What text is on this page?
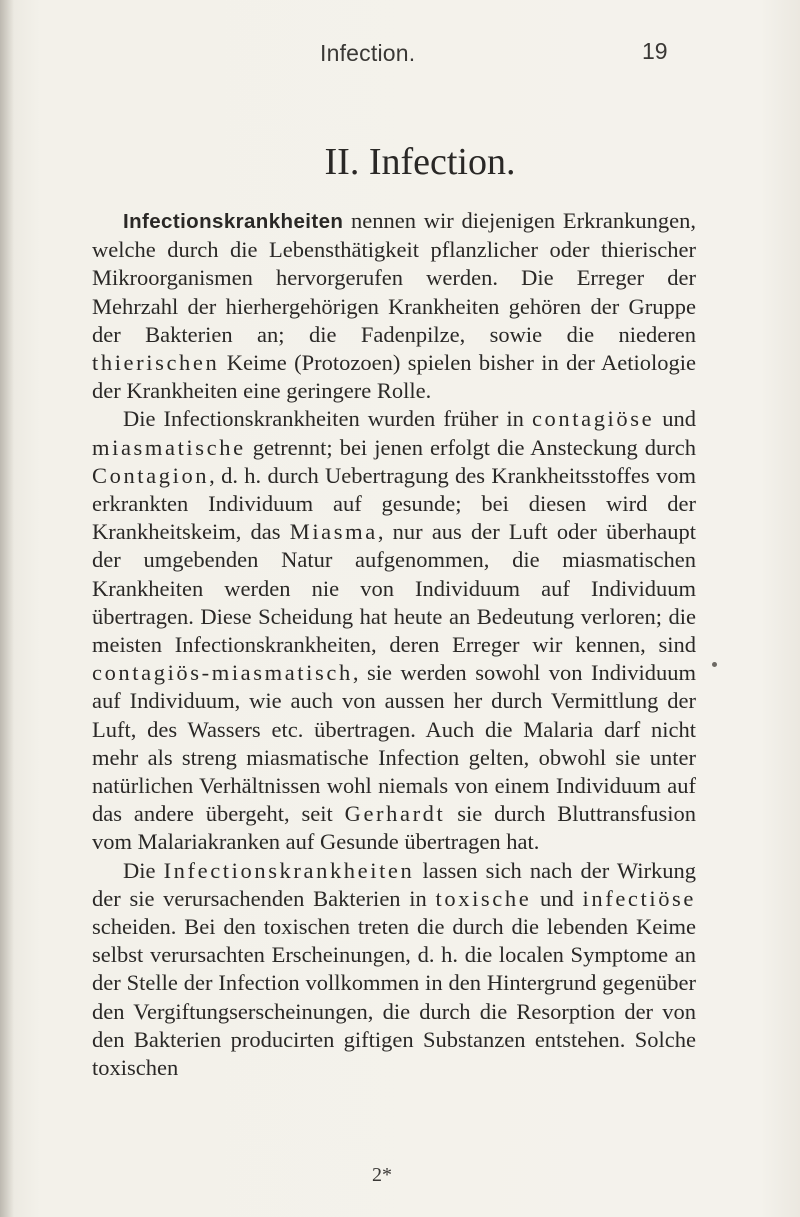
Infection.	19
II. Infection.

Infectionskrankheiten nennen wir diejenigen Erkrankungen, welche durch die Lebensthätigkeit pflanzlicher oder thierischer Mikroorganismen hervorgerufen werden. Die Erreger der Mehrzahl der hierhergehörigen Krankheiten gehören der Gruppe der Bakterien an; die Fadenpilze, sowie die niederen thierischen Keime (Protozoen) spielen bisher in der Aetiologie der Krankheiten eine geringere Rolle.

Die Infectionskrankheiten wurden früher in contagiöse und miasmatische getrennt; bei jenen erfolgt die Ansteckung durch Contagion, d. h. durch Uebertragung des Krankheitsstoffes vom erkrankten Individuum auf gesunde; bei diesen wird der Krankheitskeim, das Miasma, nur aus der Luft oder überhaupt der umgebenden Natur aufgenommen, die miasmatischen Krankheiten werden nie von Individuum auf Individuum übertragen. Diese Scheidung hat heute an Bedeutung verloren; die meisten Infectionskrankheiten, deren Erreger wir kennen, sind contagiös-miasmatisch, sie werden sowohl von Individuum auf Individuum, wie auch von aussen her durch Vermittlung der Luft, des Wassers etc. übertragen. Auch die Malaria darf nicht mehr als streng miasmatische Infection gelten, obwohl sie unter natürlichen Verhältnissen wohl niemals von einem Individuum auf das andere übergeht, seit Gerhardt sie durch Bluttransfusion vom Malariakranken auf Gesunde übertragen hat.

Die Infectionskrankheiten lassen sich nach der Wirkung der sie verursachenden Bakterien in toxische und infectiöse scheiden. Bei den toxischen treten die durch die lebenden Keime selbst verursachten Erscheinungen, d. h. die localen Symptome an der Stelle der Infection vollkommen in den Hintergrund gegenüber den Vergiftungserscheinungen, die durch die Resorption der von den Bakterien producirten giftigen Substanzen entstehen. Solche toxischen

2*
